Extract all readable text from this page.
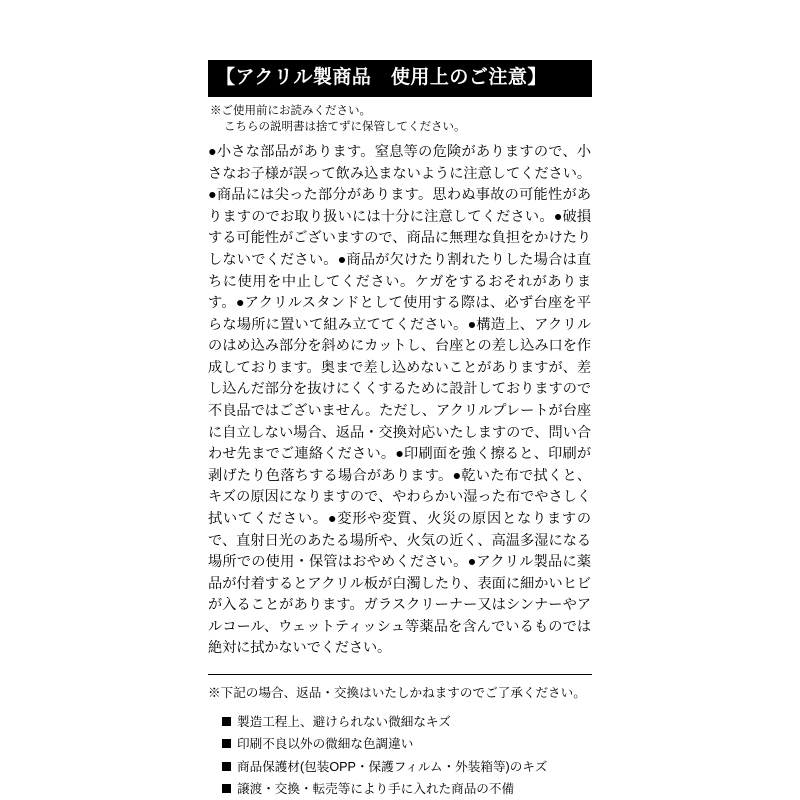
【アクリル製商品　使用上のご注意】
※ご使用前にお読みください。
こちらの説明書は捨てずに保管してください。
●小さな部品があります。窒息等の危険がありますので、小さなお子様が誤って飲み込まないように注意してください。●商品には尖った部分があります。思わぬ事故の可能性がありますのでお取り扱いには十分に注意してください。●破損する可能性がございますので、商品に無理な負担をかけたりしないでください。●商品が欠けたり割れたりした場合は直ちに使用を中止してください。ケガをするおそれがあります。●アクリルスタンドとして使用する際は、必ず台座を平らな場所に置いて組み立ててください。●構造上、アクリルのはめ込み部分を斜めにカットし、台座との差し込み口を作成しております。奥まで差し込めないことがありますが、差し込んだ部分を抜けにくくするために設計しておりますので不良品ではございません。ただし、アクリルプレートが台座に自立しない場合、返品・交換対応いたしますので、問い合わせ先までご連絡ください。●印刷面を強く擦ると、印刷が剥げたり色落ちする場合があります。●乾いた布で拭くと、キズの原因になりますので、やわらかい湿った布でやさしく拭いてください。●変形や変質、火災の原因となりますので、直射日光のあたる場所や、火気の近く、高温多湿になる場所での使用・保管はおやめください。●アクリル製品に薬品が付着するとアクリル板が白濁したり、表面に細かいヒビが入ることがあります。ガラスクリーナー又はシンナーやアルコール、ウェットティッシュ等薬品を含んでいるものでは絶対に拭かないでください。
※下記の場合、返品・交換はいたしかねますのでご了承ください。
製造工程上、避けられない微細なキズ
印刷不良以外の微細な色調違い
商品保護材(包装OPP・保護フィルム・外装箱等)のキズ
譲渡・交換・転売等により手に入れた商品の不備
